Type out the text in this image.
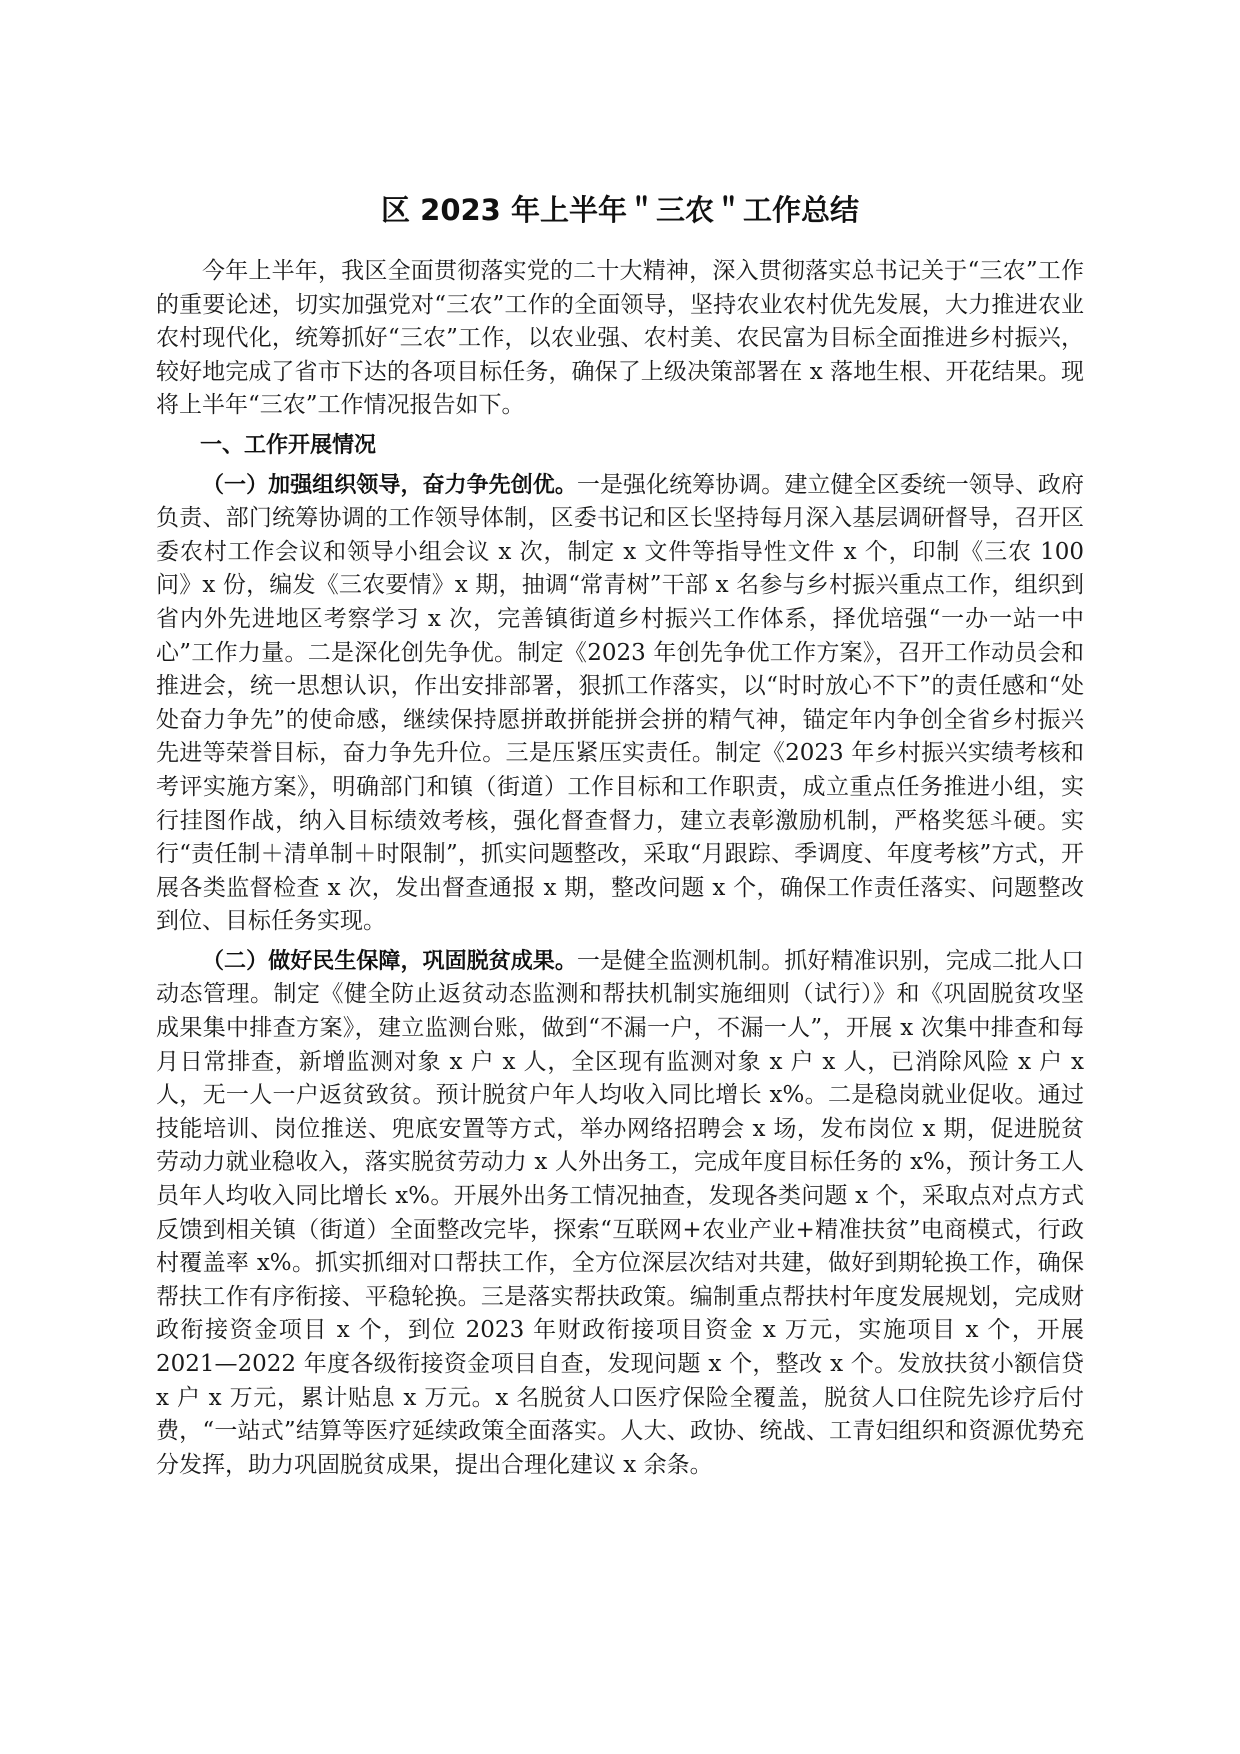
区 2023 年上半年＂三农＂工作总结

今年上半年，我区全面贯彻落实党的二十大精神，深入贯彻落实总书记关于“三农”工作的重要论述，切实加强党对“三农”工作的全面领导，坚持农业农村优先发展，大力推进农业农村现代化，统筹抓好“三农”工作，以农业强、农村美、农民富为目标全面推进乡村振兴，较好地完成了省市下达的各项目标任务，确保了上级决策部署在 x 落地生根、开花结果。现将上半年“三农”工作情况报告如下。

一、工作开展情况

（一）加强组织领导，奋力争先创优。一是强化统筹协调。建立健全区委统一领导、政府负责、部门统筹协调的工作领导体制，区委书记和区长坚持每月深入基层调研督导，召开区委农村工作会议和领导小组会议 x 次，制定 x 文件等指导性文件 x 个，印制《三农 100 问》x 份，编发《三农要情》x 期，抽调“常青树”干部 x 名参与乡村振兴重点工作，组织到省内外先进地区考察学习 x 次，完善镇街道乡村振兴工作体系，择优培强“一办一站一中心”工作力量。二是深化创先争优。制定《2023 年创先争优工作方案》，召开工作动员会和推进会，统一思想认识，作出安排部署，狠抓工作落实，以“时时放心不下”的责任感和“处处奋力争先”的使命感，继续保持愿拼敢拼能拼会拼的精气神，锚定年内争创全省乡村振兴先进等荣誉目标，奋力争先升位。三是压紧压实责任。制定《2023 年乡村振兴实绩考核和考评实施方案》，明确部门和镇（街道）工作目标和工作职责，成立重点任务推进小组，实行挂图作战，纳入目标绩效考核，强化督查督力，建立表彰激励机制，严格奖惩斗硬。实行“责任制＋清单制＋时限制”，抓实问题整改，采取“月跟踪、季调度、年度考核”方式，开展各类监督检查 x 次，发出督查通报 x 期，整改问题 x 个，确保工作责任落实、问题整改到位、目标任务实现。

（二）做好民生保障，巩固脱贫成果。一是健全监测机制。抓好精准识别，完成二批人口动态管理。制定《健全防止返贫动态监测和帮扶机制实施细则（试行）》和《巩固脱贫攻坚成果集中排查方案》，建立监测台账，做到“不漏一户，不漏一人”，开展 x 次集中排查和每月日常排查，新增监测对象 x 户 x 人，全区现有监测对象 x 户 x 人，已消除风险 x 户 x 人，无一人一户返贫致贫。预计脱贫户年人均收入同比增长 x%。二是稳岗就业促收。通过技能培训、岗位推送、兜底安置等方式，举办网络招聘会 x 场，发布岗位 x 期，促进脱贫劳动力就业稳收入，落实脱贫劳动力 x 人外出务工，完成年度目标任务的 x%，预计务工人员年人均收入同比增长 x%。开展外出务工情况抽查，发现各类问题 x 个，采取点对点方式反馈到相关镇（街道）全面整改完毕，探索“互联网+农业产业+精准扶贫”电商模式，行政村覆盖率 x%。抓实抓细对口帮扶工作，全方位深层次结对共建，做好到期轮换工作，确保帮扶工作有序衔接、平稳轮换。三是落实帮扶政策。编制重点帮扶村年度发展规划，完成财政衔接资金项目 x 个，到位 2023 年财政衔接项目资金 x 万元，实施项目 x 个，开展 2021—2022 年度各级衔接资金项目自查，发现问题 x 个，整改 x 个。发放扶贫小额信贷 x 户 x 万元，累计贴息 x 万元。x 名脱贫人口医疗保险全覆盖，脱贫人口住院先诊疗后付费，“一站式”结算等医疗延续政策全面落实。人大、政协、统战、工青妇组织和资源优势充分发挥，助力巩固脱贫成果，提出合理化建议 x 余条。
